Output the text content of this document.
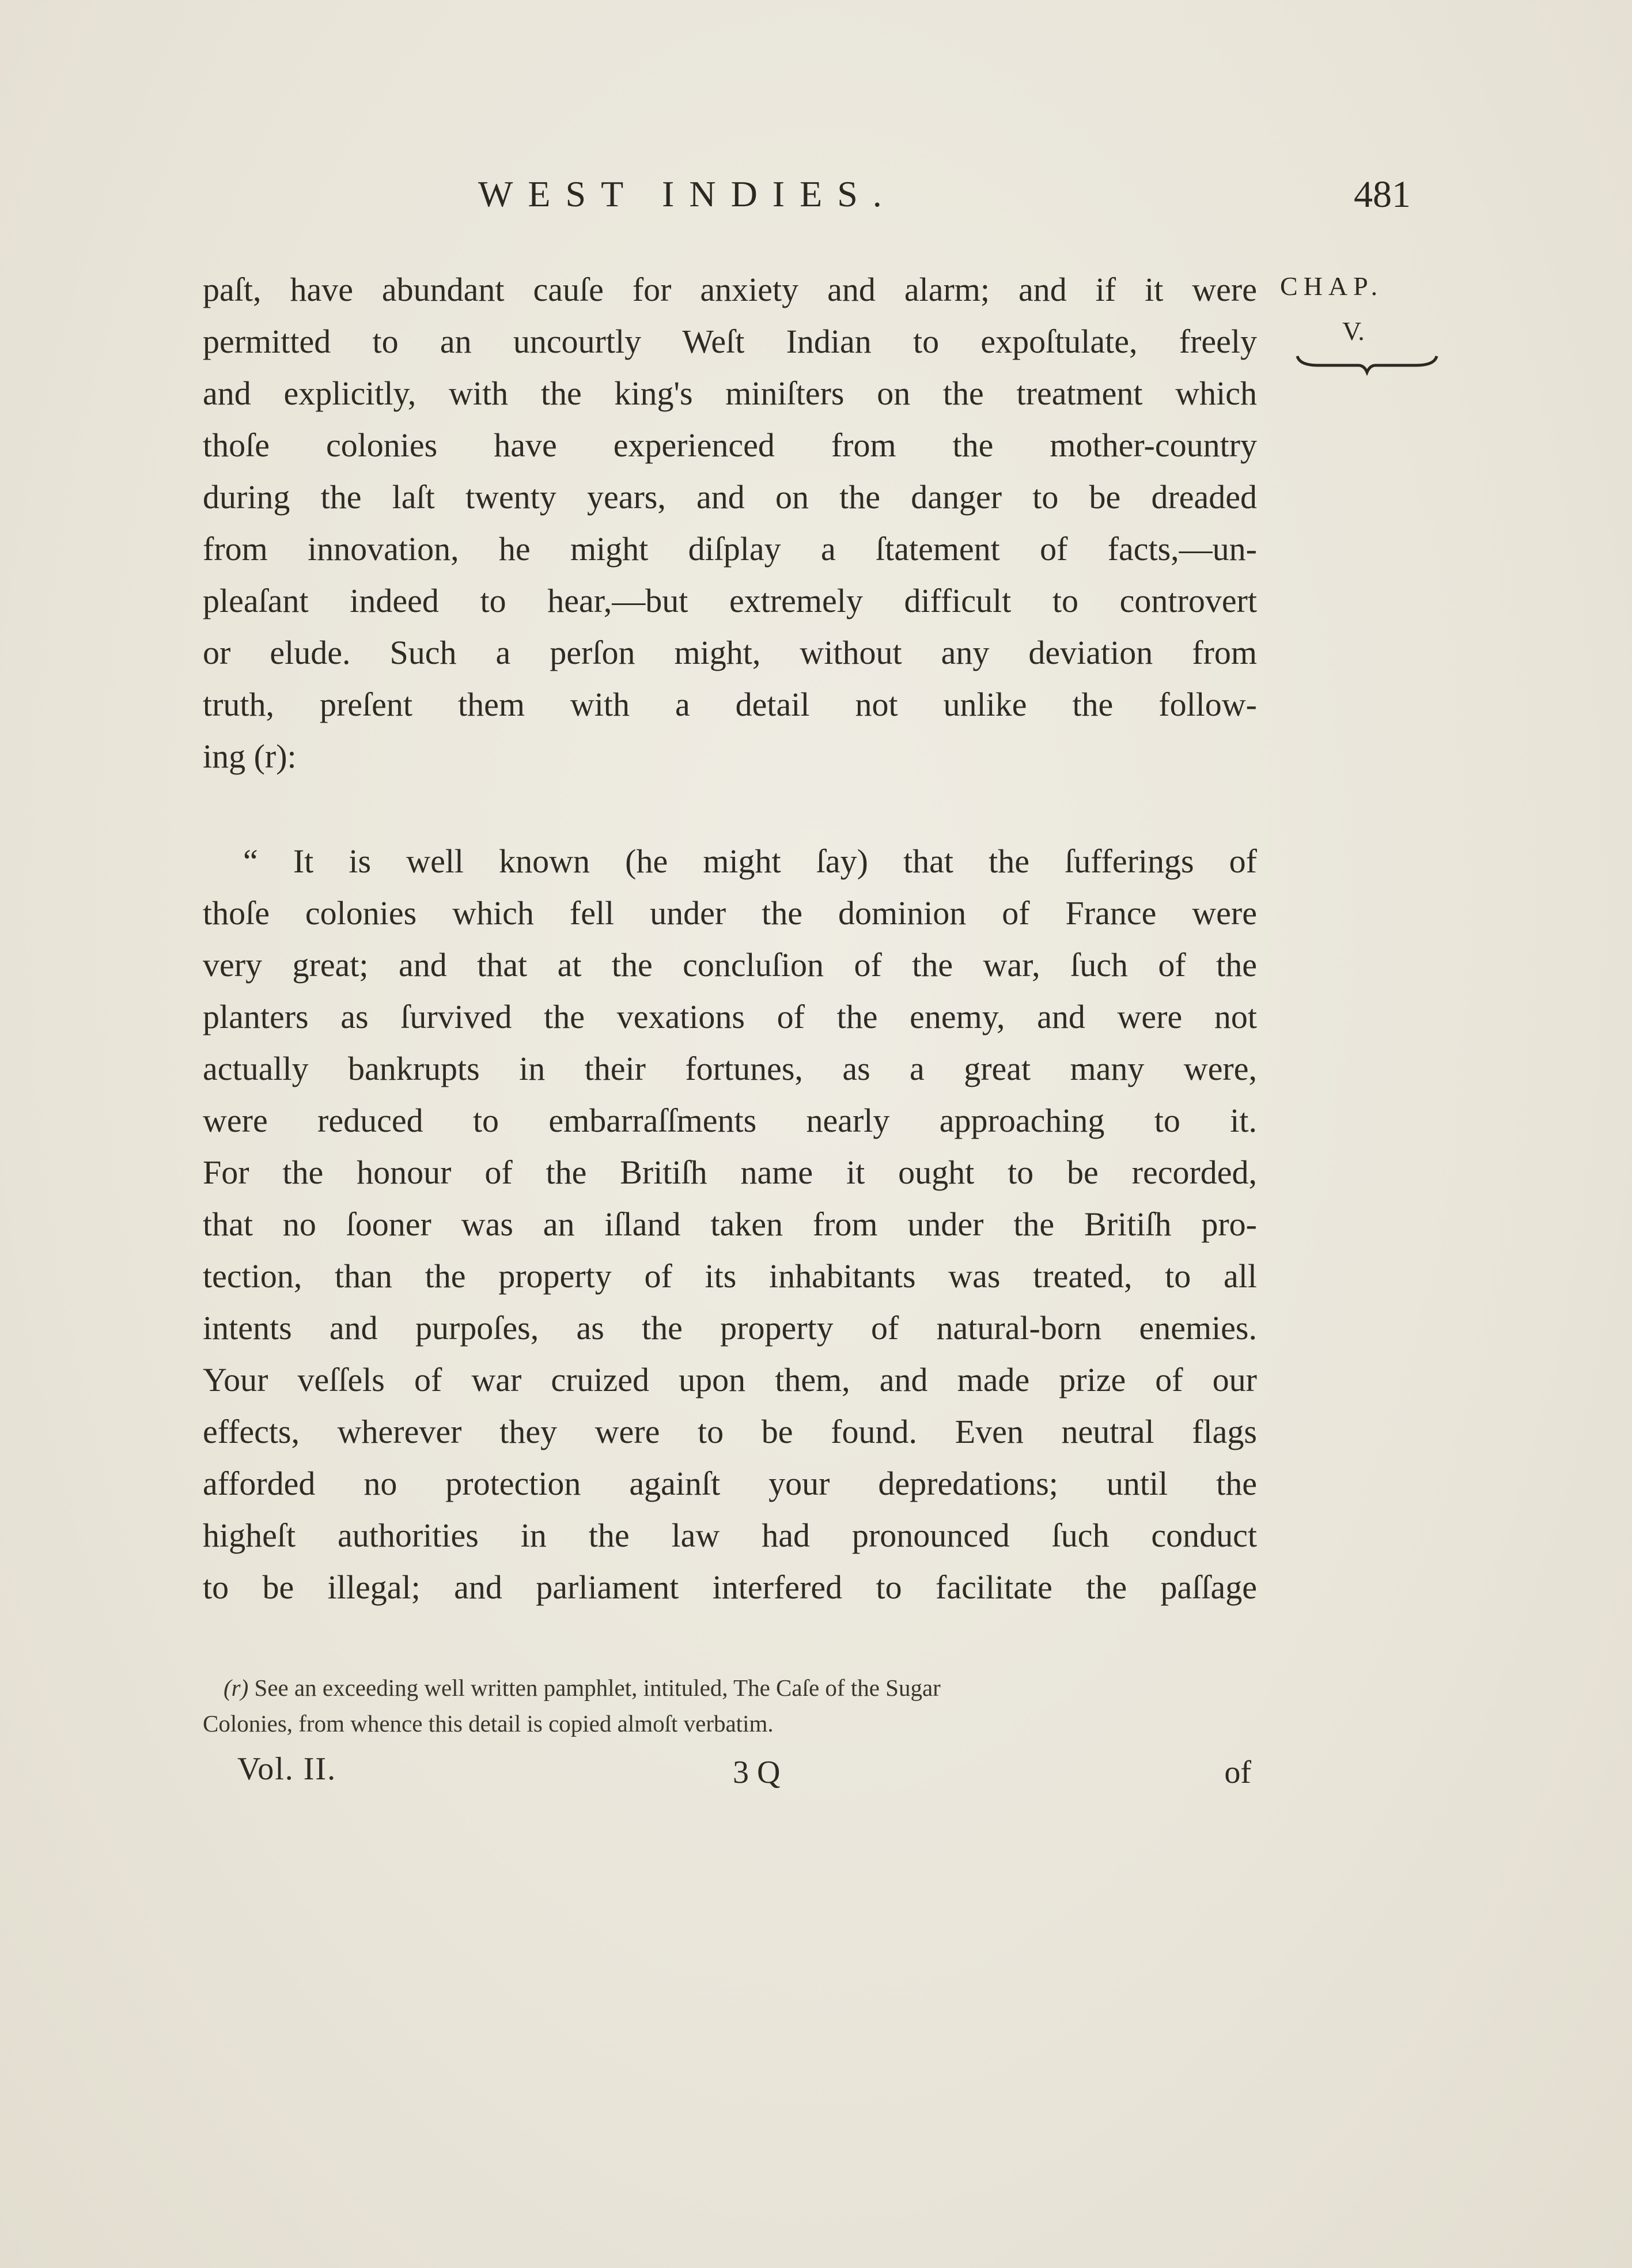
WEST INDIES.	481
CHAP.
V.
paſt, have abundant cauſe for anxiety and alarm; and if it were
permitted to an uncourtly Weſt Indian to expoſtulate, freely
and explicitly, with the king's miniſters on the treatment which
thoſe colonies have experienced from the mother-country
during the laſt twenty years, and on the danger to be dreaded
from innovation, he might diſplay a ſtatement of facts,—un-
pleaſant indeed to hear,—but extremely difficult to controvert
or elude. Such a perſon might, without any deviation from
truth, preſent them with a detail not unlike the follow-
ing (r):
“ It is well known (he might ſay) that the ſufferings of
thoſe colonies which fell under the dominion of France were
very great; and that at the concluſion of the war, ſuch of the
planters as ſurvived the vexations of the enemy, and were not
actually bankrupts in their fortunes, as a great many were,
were reduced to embarraſſments nearly approaching to it.
For the honour of the Britiſh name it ought to be recorded,
that no ſooner was an iſland taken from under the Britiſh pro-
tection, than the property of its inhabitants was treated, to all
intents and purpoſes, as the property of natural-born enemies.
Your veſſels of war cruized upon them, and made prize of our
effects, wherever they were to be found. Even neutral flags
afforded no protection againſt your depredations; until the
higheſt authorities in the law had pronounced ſuch conduct
to be illegal; and parliament interfered to facilitate the paſſage
(r) See an exceeding well written pamphlet, intituled, The Caſe of the Sugar
Colonies, from whence this detail is copied almoſt verbatim.
Vol. II.	3 Q	of
